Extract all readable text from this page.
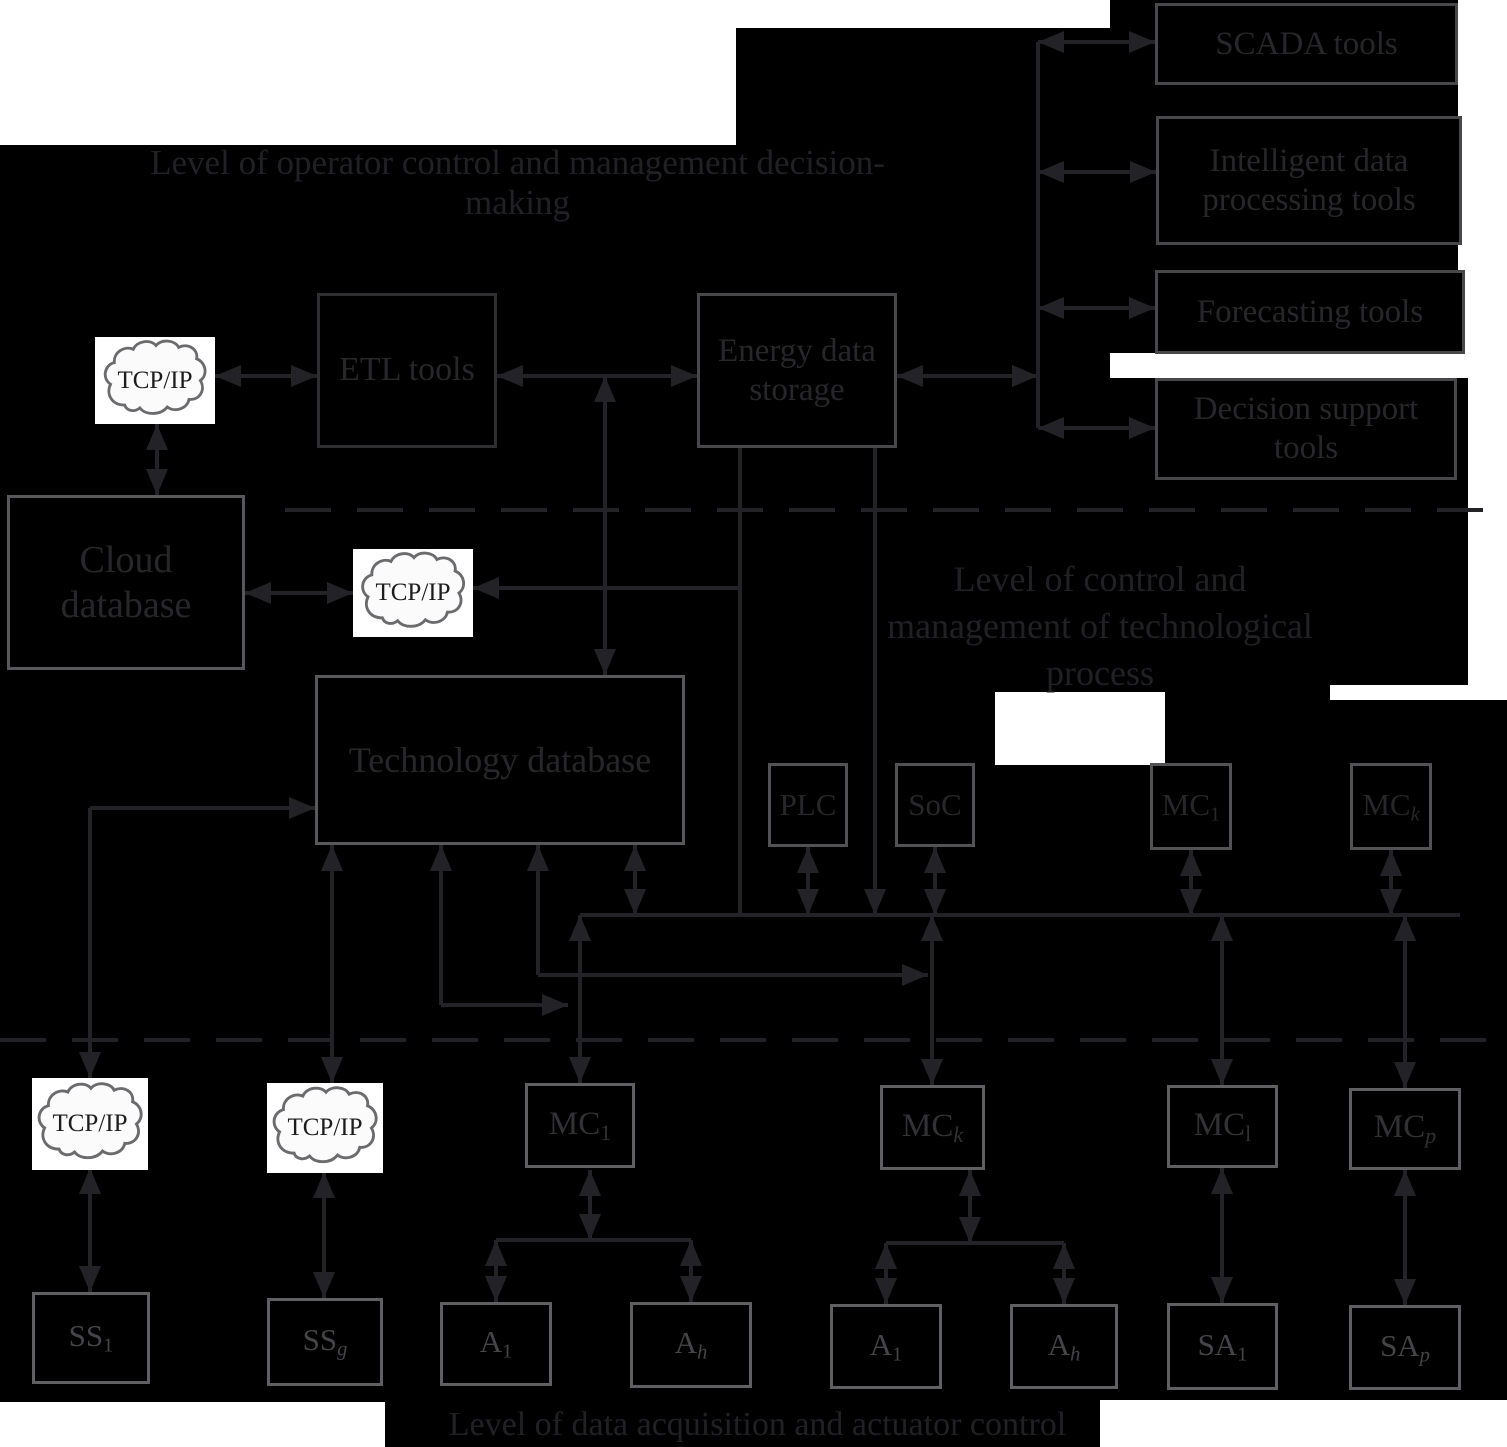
Level of operator control and management decision-
making
Level of control and
management of technological
process
Level of data acquisition and actuator control
ETL tools
Energy data storage
SCADA tools
Intelligent data processing tools
Forecasting tools
Decision support tools
Cloud database
Technology database
PLC SoC	$MC_1$	$MC_k$
$MC_1$	$MC_k$	$MC_l$	$MC_p$
$SS_1$	$SS_g$	$A_1$	$A_h$	$A_1$	$A_h$	$SA_1$	$SA_p$
TCP/IP
TCP/IP
TCP/IP	TCP/IP
